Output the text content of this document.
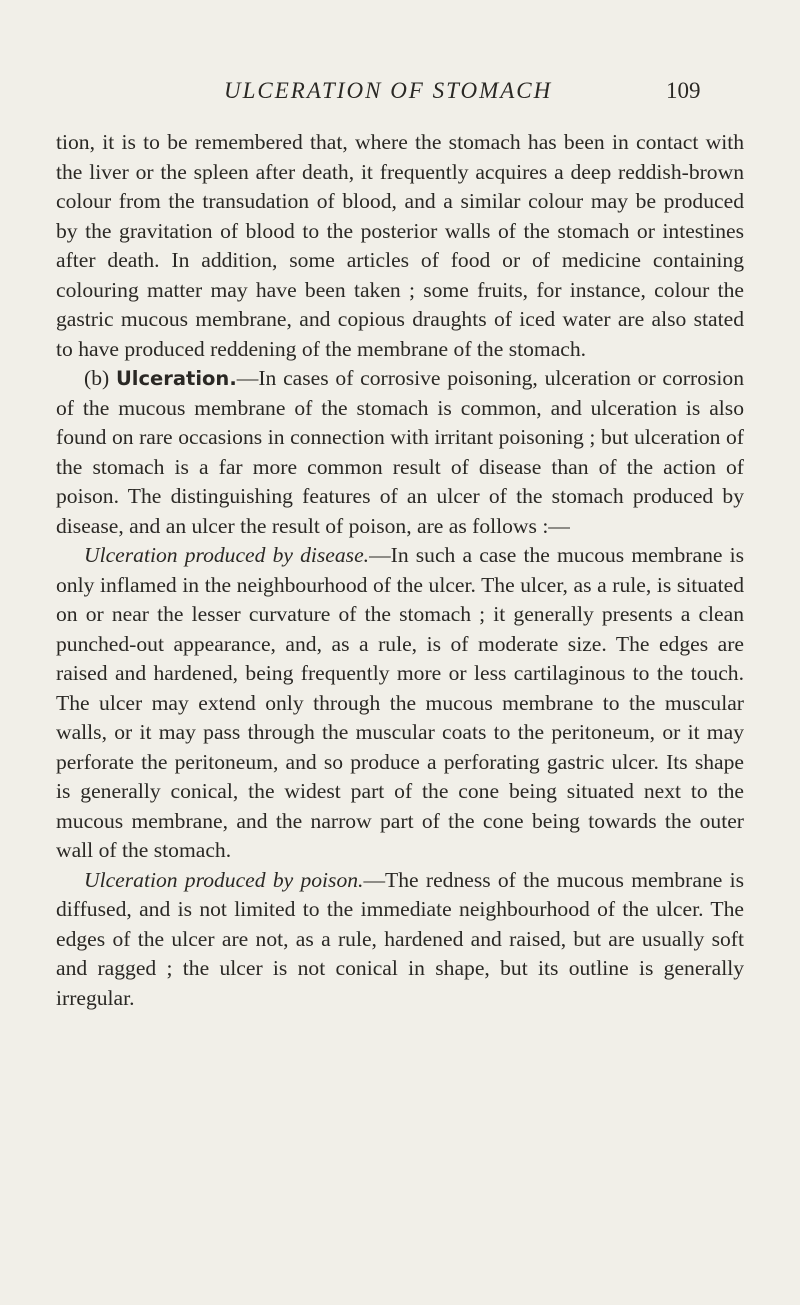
ULCERATION OF STOMACH	109

tion, it is to be remembered that, where the stomach has been in contact with the liver or the spleen after death, it frequently acquires a deep reddish-brown colour from the transudation of blood, and a similar colour may be produced by the gravitation of blood to the posterior walls of the stomach or intestines after death. In addition, some articles of food or of medicine containing colouring matter may have been taken ; some fruits, for instance, colour the gastric mucous membrane, and copious draughts of iced water are also stated to have produced reddening of the membrane of the stomach.

(b) Ulceration.—In cases of corrosive poisoning, ulceration or corrosion of the mucous membrane of the stomach is common, and ulceration is also found on rare occasions in connection with irritant poisoning ; but ulceration of the stomach is a far more common result of disease than of the action of poison. The distinguishing features of an ulcer of the stomach produced by disease, and an ulcer the result of poison, are as follows :—

Ulceration produced by disease.—In such a case the mucous membrane is only inflamed in the neighbourhood of the ulcer. The ulcer, as a rule, is situated on or near the lesser curvature of the stomach ; it generally presents a clean punched-out appearance, and, as a rule, is of moderate size. The edges are raised and hardened, being frequently more or less cartilaginous to the touch. The ulcer may extend only through the mucous membrane to the muscular walls, or it may pass through the muscular coats to the peritoneum, or it may perforate the peritoneum, and so produce a perforating gastric ulcer. Its shape is generally conical, the widest part of the cone being situated next to the mucous membrane, and the narrow part of the cone being towards the outer wall of the stomach.

Ulceration produced by poison.—The redness of the mucous membrane is diffused, and is not limited to the immediate neighbourhood of the ulcer. The edges of the ulcer are not, as a rule, hardened and raised, but are usually soft and ragged ; the ulcer is not conical in shape, but its outline is generally irregular.
